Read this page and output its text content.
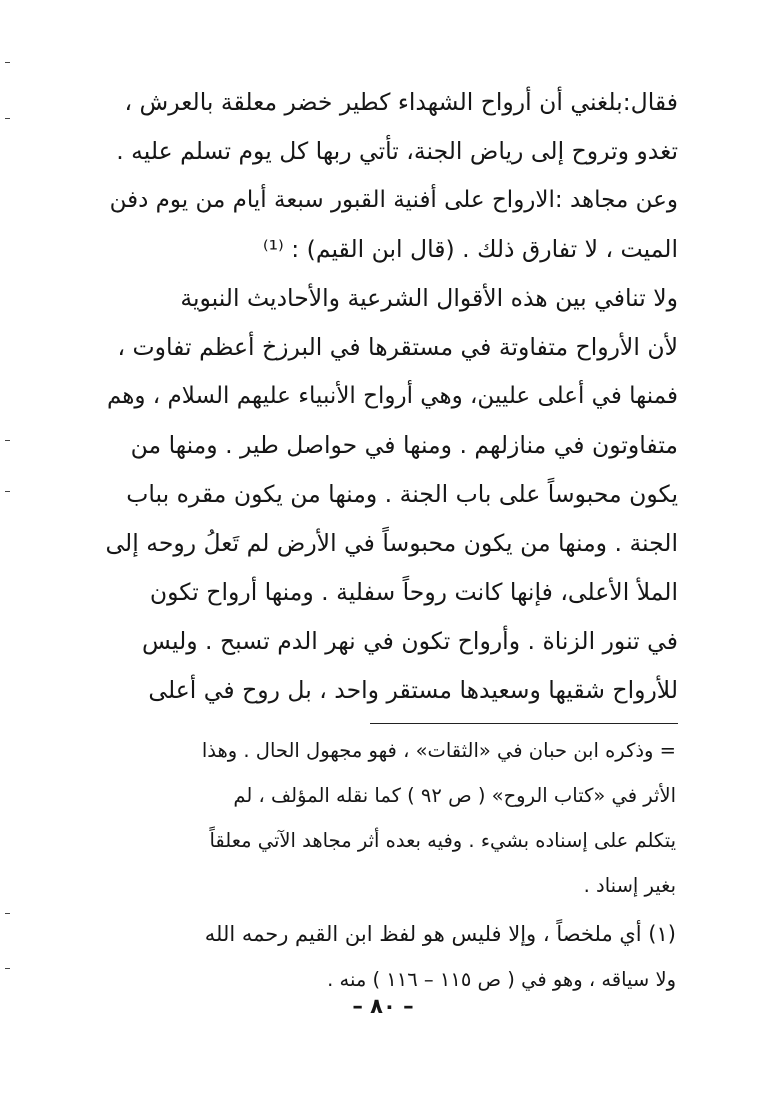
فقال:بلغني أن أرواح الشهداء كطير خضر معلقة بالعرش ،
تغدو وتروح إلى رياض الجنة، تأتي ربها كل يوم تسلم عليه .
وعن مجاهد :الارواح على أفنية القبور سبعة أيام من يوم دفن
الميت ، لا تفارق ذلك . (قال ابن القيم) : ⁽¹⁾
ولا تنافي بين هذه الأقوال الشرعية والأحاديث النبوية
لأن الأرواح متفاوتة في مستقرها في البرزخ أعظم تفاوت ،
فمنها في أعلى عليين، وهي أرواح الأنبياء عليهم السلام ، وهم
متفاوتون في منازلهم . ومنها في حواصل طير . ومنها من
يكون محبوساً على باب الجنة . ومنها من يكون مقره بباب
الجنة . ومنها من يكون محبوساً في الأرض لم تَعلُ روحه إلى
الملأ الأعلى، فإنها كانت روحاً سفلية . ومنها أرواح تكون
في تنور الزناة . وأرواح تكون في نهر الدم تسبح . وليس
للأرواح شقيها وسعيدها مستقر واحد ، بل روح في أعلى
= وذكره ابن حبان في «الثقات» ، فهو مجهول الحال . وهذا
الأثر في «كتاب الروح» ( ص ٩٢ ) كما نقله المؤلف ، لم
يتكلم على إسناده بشيء . وفيه بعده أثر مجاهد الآتي معلقاً
بغير إسناد .
(١) أي ملخصاً ، وإلا فليس هو لفظ ابن القيم رحمه الله
ولا سياقه ، وهو في ( ص ١١٥ – ١١٦ ) منه .
– ٨٠ –
